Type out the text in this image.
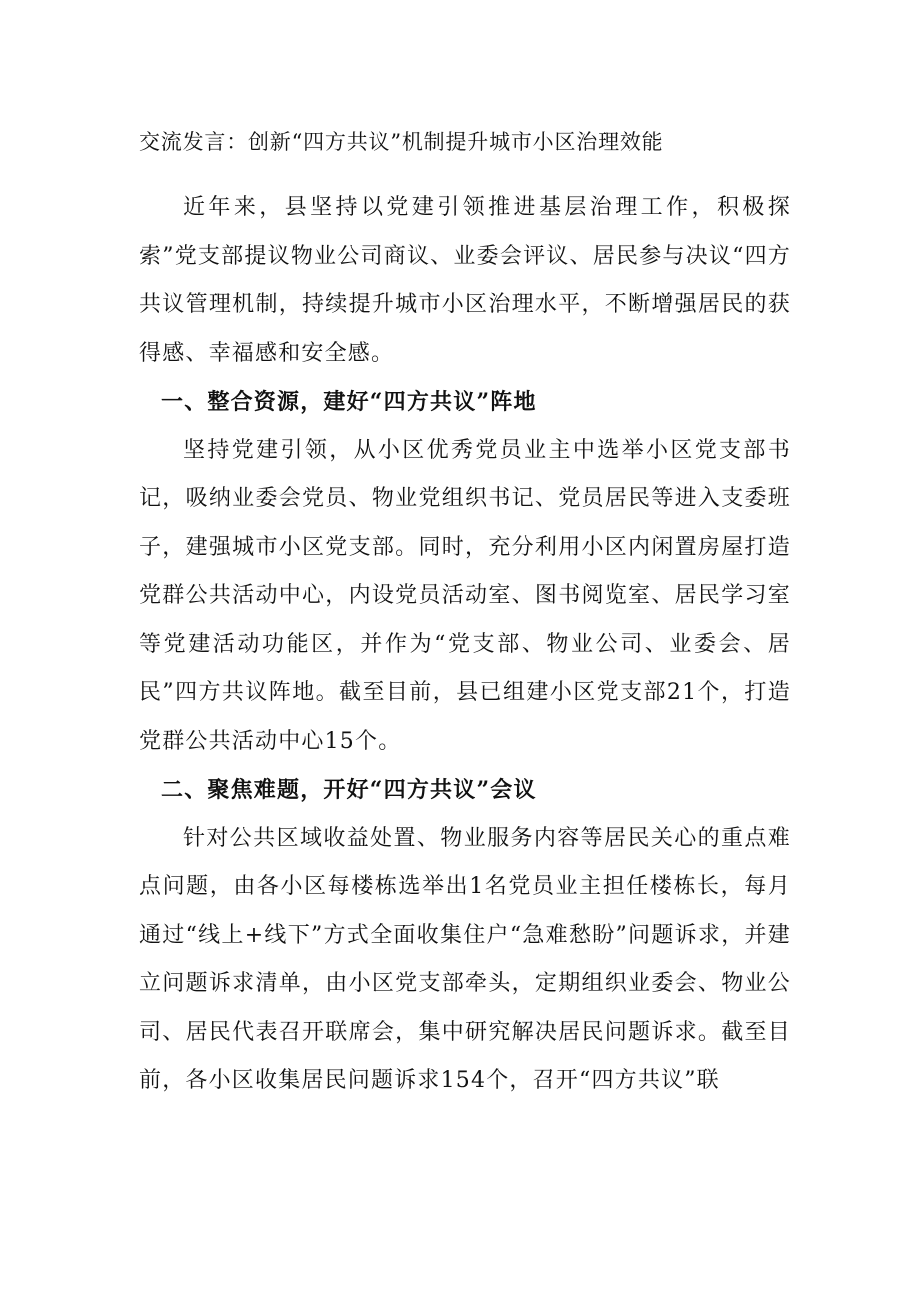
交流发言：创新“四方共议”机制提升城市小区治理效能

近年来，县坚持以党建引领推进基层治理工作，积极探索”党支部提议物业公司商议、业委会评议、居民参与决议“四方共议管理机制，持续提升城市小区治理水平，不断增强居民的获得感、幸福感和安全感。

一、整合资源，建好“四方共议”阵地

坚持党建引领，从小区优秀党员业主中选举小区党支部书记，吸纳业委会党员、物业党组织书记、党员居民等进入支委班子，建强城市小区党支部。同时，充分利用小区内闲置房屋打造党群公共活动中心，内设党员活动室、图书阅览室、居民学习室等党建活动功能区，并作为“党支部、物业公司、业委会、居民”四方共议阵地。截至目前，县已组建小区党支部21个，打造党群公共活动中心15个。

二、聚焦难题，开好“四方共议”会议

针对公共区域收益处置、物业服务内容等居民关心的重点难点问题，由各小区每楼栋选举出1名党员业主担任楼栋长，每月通过“线上+线下”方式全面收集住户“急难愁盼”问题诉求，并建立问题诉求清单，由小区党支部牵头，定期组织业委会、物业公司、居民代表召开联席会，集中研究解决居民问题诉求。截至目前，各小区收集居民问题诉求154个，召开“四方共议”联
